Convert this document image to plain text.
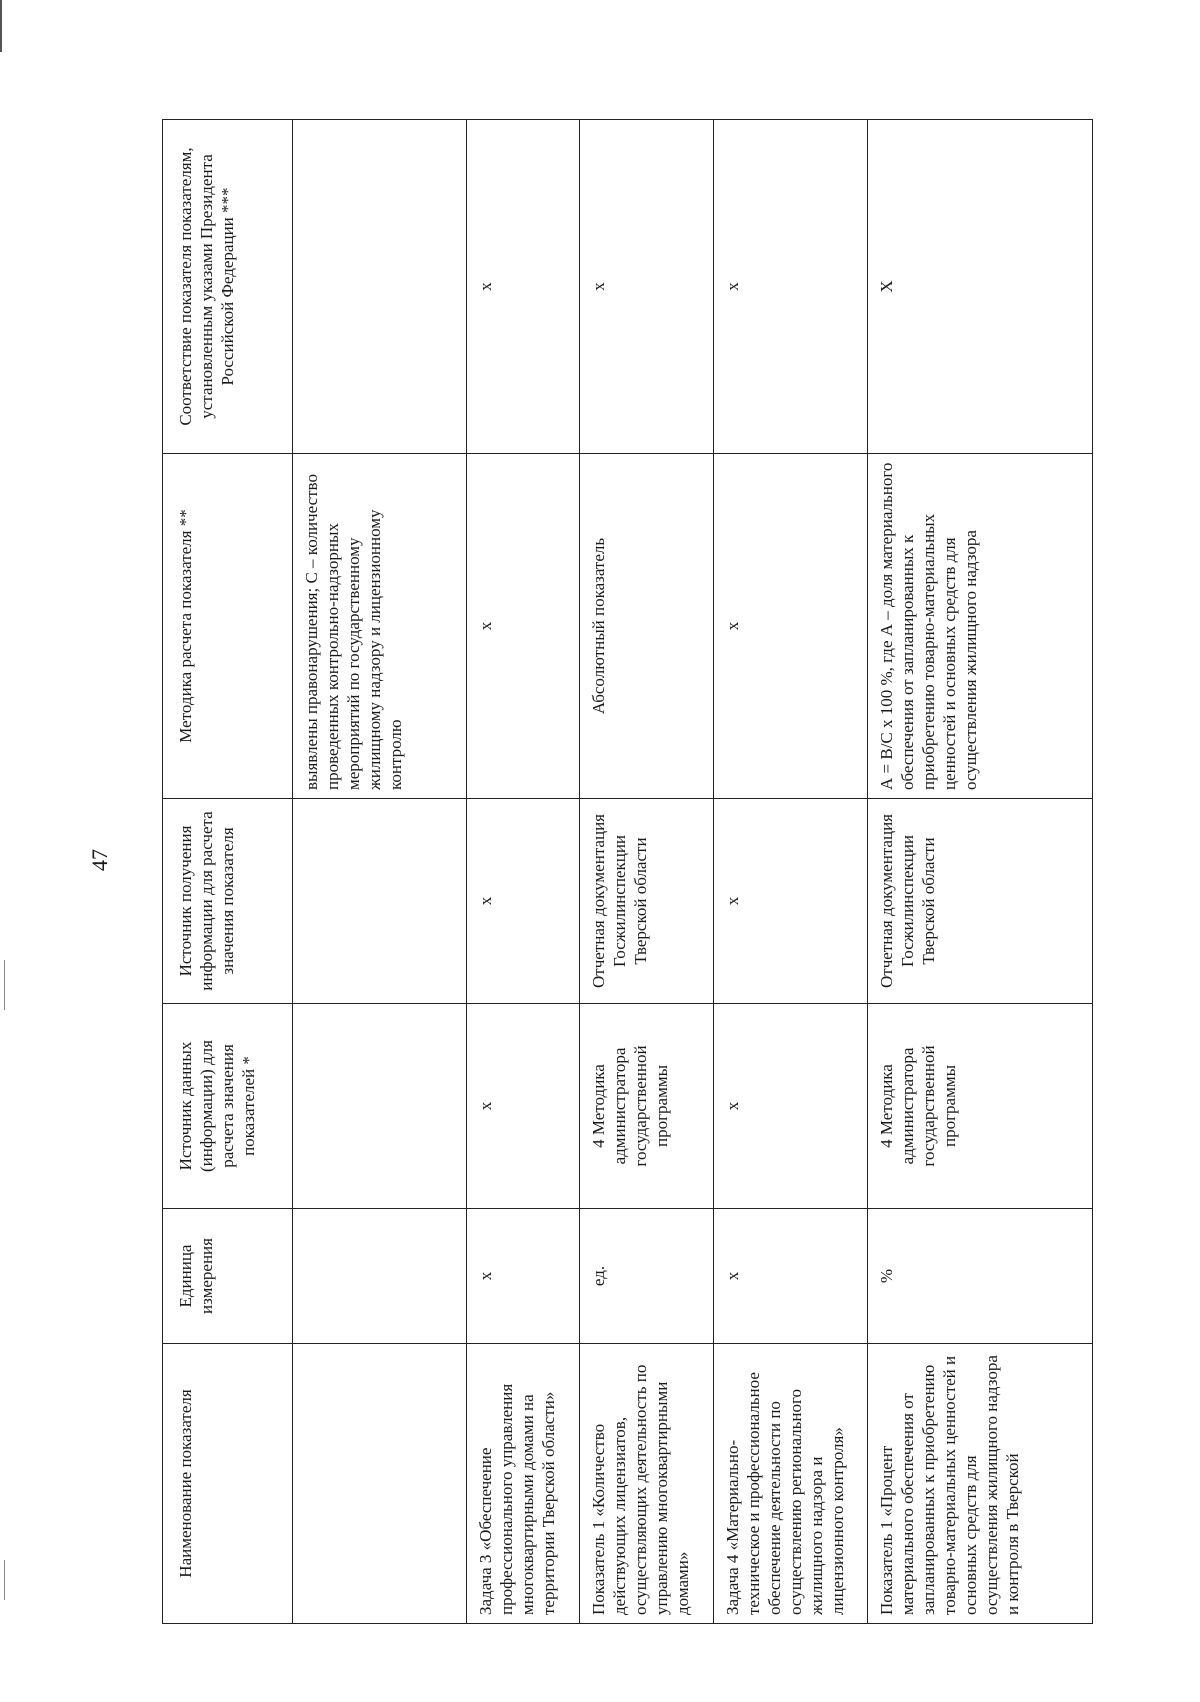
47
Наименование показателя	Единица измерения	Источник данных (информации) для расчета значения показателей *	Источник получения информации для расчета значения показателя	Методика расчета показателя **	Соответствие показателя показателям, установленным указами Президента Российской Федерации ***
				выявлены правонарушения; С – количество проведенных контрольно-надзорных мероприятий по государственному жилищному надзору и лицензионному контролю	
Задача 3 «Обеспечение профессионального управления многоквартирными домами на территории Тверской области»	х	х	х	х	х
Показатель 1 «Количество действующих лицензиатов, осуществляющих деятельность по управлению многоквартирными домами»	ед.	4 Методика администратора государственной программы	Отчетная документация Госжилинспекции Тверской области	Абсолютный показатель	х
Задача 4 «Материально-техническое и профессиональное обеспечение деятельности по осуществлению регионального жилищного надзора и лицензионного контроля»	х	х	х	х	х
Показатель 1 «Процент материального обеспечения от запланированных к приобретению товарно-материальных ценностей и основных средств для осуществления жилищного надзора и контроля в Тверской	%	4 Методика администратора государственной программы	Отчетная документация Госжилинспекции Тверской области	А = В/С х 100 %, где А – доля материального обеспечения от запланированных к приобретению товарно-материальных ценностей и основных средств для осуществления жилищного надзора	Х
